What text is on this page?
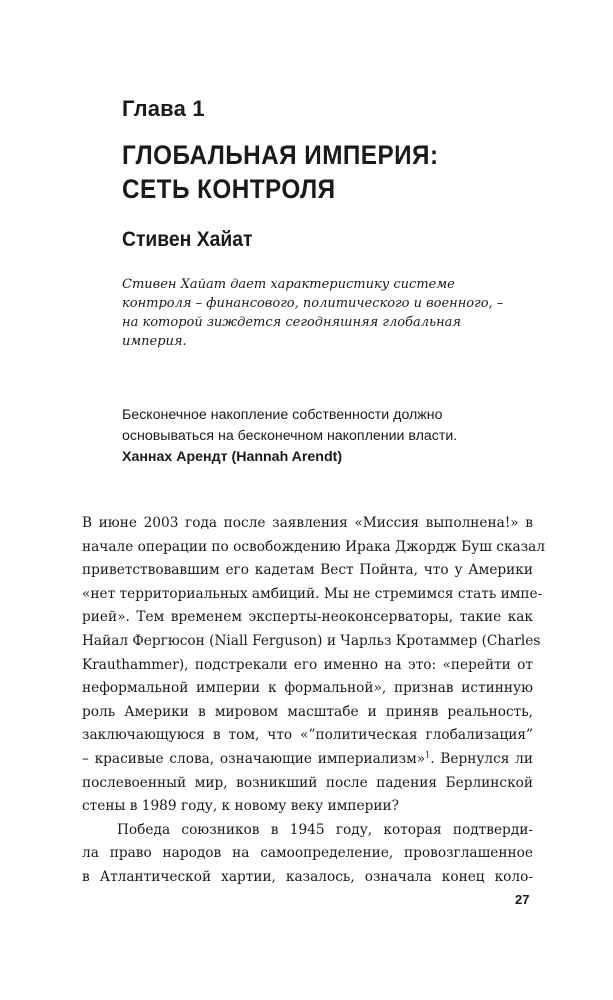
Глава 1
ГЛОБАЛЬНАЯ ИМПЕРИЯ:
СЕТЬ КОНТРОЛЯ
Стивен Хайат
Стивен Хайат дает характеристику системе
контроля – финансового, политического и военного, –
на которой зиждется сегодняшняя глобальная
империя.
Бесконечное накопление собственности должно
основываться на бесконечном накоплении власти.
Ханнах Арендт (Hannah Arendt)
В июне 2003 года после заявления «Миссия выполнена!» в
начале операции по освобождению Ирака Джордж Буш сказал
приветствовавшим его кадетам Вест Пойнта, что у Америки
«нет территориальных амбиций. Мы не стремимся стать импе-
рией». Тем временем эксперты-неоконсерваторы, такие как
Найал Фергюсон (Niall Ferguson) и Чарльз Кротаммер (Charles
Krauthammer), подстрекали его именно на это: «перейти от
неформальной империи к формальной», признав истинную
роль Америки в мировом масштабе и приняв реальность,
заключающуюся в том, что «”политическая глобализация”
– красивые слова, означающие империализм»$^1$. Вернулся ли
послевоенный мир, возникший после падения Берлинской
стены в 1989 году, к новому веку империи?
Победа союзников в 1945 году, которая подтверди-
ла право народов на самоопределение, провозглашенное
в Атлантической хартии, казалось, означала конец коло-
27
